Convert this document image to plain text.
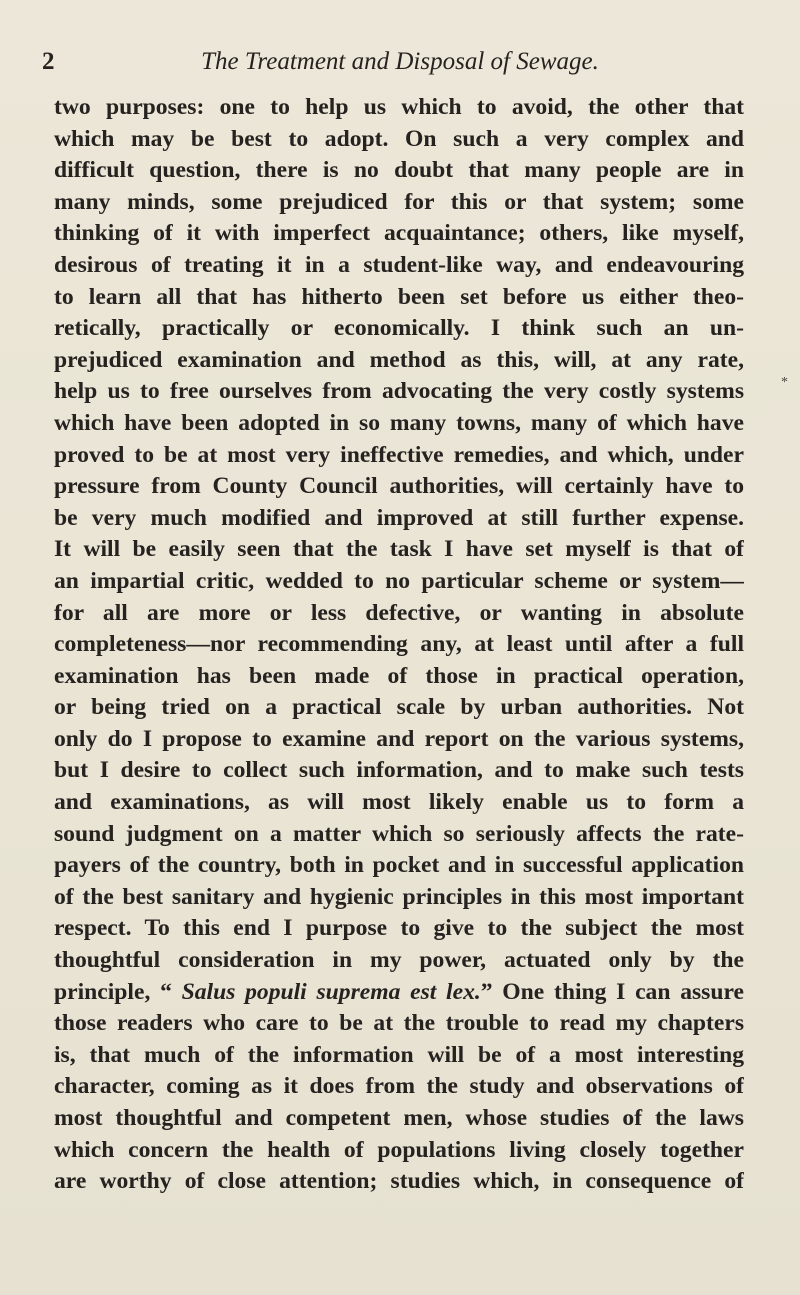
2	The Treatment and Disposal of Sewage.
two purposes: one to help us which to avoid, the other that
which may be best to adopt. On such a very complex and
difficult question, there is no doubt that many people are in
many minds, some prejudiced for this or that system; some
thinking of it with imperfect acquaintance; others, like myself,
desirous of treating it in a student-like way, and endeavouring
to learn all that has hitherto been set before us either theo-
retically, practically or economically. I think such an un-
prejudiced examination and method as this, will, at any rate,
help us to free ourselves from advocating the very costly systems
which have been adopted in so many towns, many of which have
proved to be at most very ineffective remedies, and which, under
pressure from County Council authorities, will certainly have to
be very much modified and improved at still further expense.
It will be easily seen that the task I have set myself is that of
an impartial critic, wedded to no particular scheme or system—
for all are more or less defective, or wanting in absolute
completeness—nor recommending any, at least until after a full
examination has been made of those in practical operation,
or being tried on a practical scale by urban authorities. Not
only do I propose to examine and report on the various systems,
but I desire to collect such information, and to make such tests
and examinations, as will most likely enable us to form a
sound judgment on a matter which so seriously affects the rate-
payers of the country, both in pocket and in successful application
of the best sanitary and hygienic principles in this most important
respect. To this end I purpose to give to the subject the most
thoughtful consideration in my power, actuated only by the
principle, “ Salus populi suprema est lex.” One thing I can assure
those readers who care to be at the trouble to read my chapters
is, that much of the information will be of a most interesting
character, coming as it does from the study and observations of
most thoughtful and competent men, whose studies of the laws
which concern the health of populations living closely together
are worthy of close attention; studies which, in consequence of
*
